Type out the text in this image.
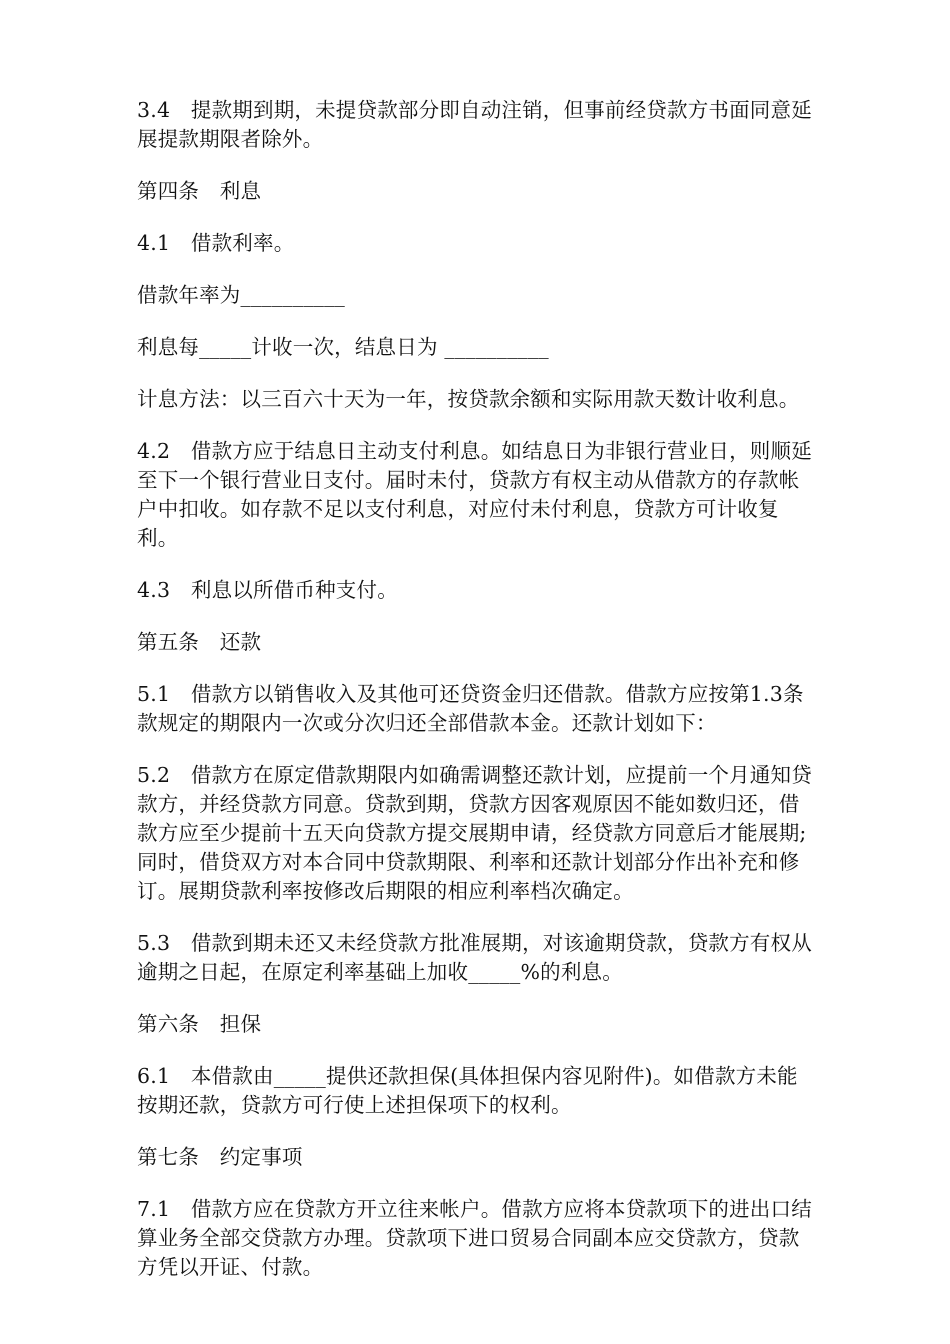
3.4　提款期到期，未提贷款部分即自动注销，但事前经贷款方书面同意延展提款期限者除外。

第四条　利息

4.1　借款利率。

借款年率为__________

利息每_____计收一次，结息日为 __________

计息方法：以三百六十天为一年，按贷款余额和实际用款天数计收利息。

4.2　借款方应于结息日主动支付利息。如结息日为非银行营业日，则顺延至下一个银行营业日支付。届时未付，贷款方有权主动从借款方的存款帐户中扣收。如存款不足以支付利息，对应付未付利息，贷款方可计收复利。

4.3　利息以所借币种支付。

第五条　还款

5.1　借款方以销售收入及其他可还贷资金归还借款。借款方应按第1.3条款规定的期限内一次或分次归还全部借款本金。还款计划如下：

5.2　借款方在原定借款期限内如确需调整还款计划，应提前一个月通知贷款方，并经贷款方同意。贷款到期，贷款方因客观原因不能如数归还，借款方应至少提前十五天向贷款方提交展期申请，经贷款方同意后才能展期;同时，借贷双方对本合同中贷款期限、利率和还款计划部分作出补充和修订。展期贷款利率按修改后期限的相应利率档次确定。

5.3　借款到期未还又未经贷款方批准展期，对该逾期贷款，贷款方有权从逾期之日起，在原定利率基础上加收_____%的利息。

第六条　担保

6.1　本借款由_____提供还款担保(具体担保内容见附件)。如借款方未能按期还款，贷款方可行使上述担保项下的权利。

第七条　约定事项

7.1　借款方应在贷款方开立往来帐户。借款方应将本贷款项下的进出口结算业务全部交贷款方办理。贷款项下进口贸易合同副本应交贷款方，贷款方凭以开证、付款。
